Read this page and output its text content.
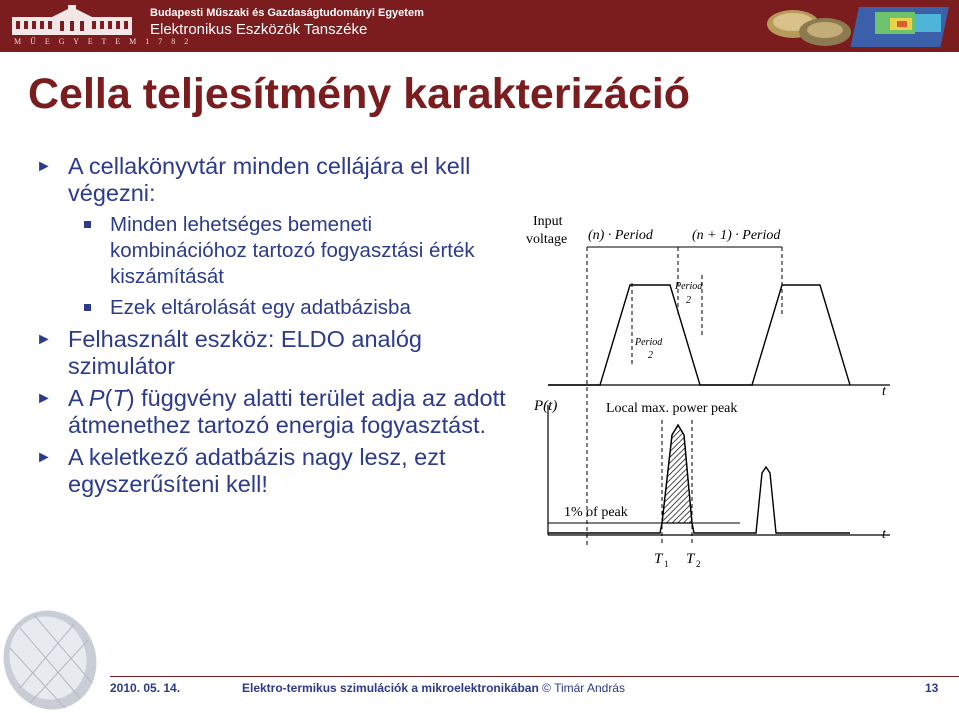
M Ű E G Y E T E M 1 7 8 2
Budapesti Műszaki és Gazdaságtudományi Egyetem
Elektronikus Eszközök Tanszéke
Cella teljesítmény karakterizáció
► A cellakönyvtár minden cellájára el kell végezni:
Minden lehetséges bemeneti kombinációhoz tartozó fogyasztási érték kiszámítását
Ezek eltárolását egy adatbázisba
► Felhasznált eszköz: ELDO analóg szimulátor
► A P(T) függvény alatti terület adja az adott átmenethez tartozó energia fogyasztást.
► A keletkező adatbázis nagy lesz, ezt egyszerűsíteni kell!
Input
voltage (n) · Period	(n + 1) · Period
t
Period
2
Period
2
P(t)	Local max. power peak
t
1% of peak
T 1 T 2
2010. 05. 14.	Elektro-termikus szimulációk a mikroelektronikában © Timár András	13
